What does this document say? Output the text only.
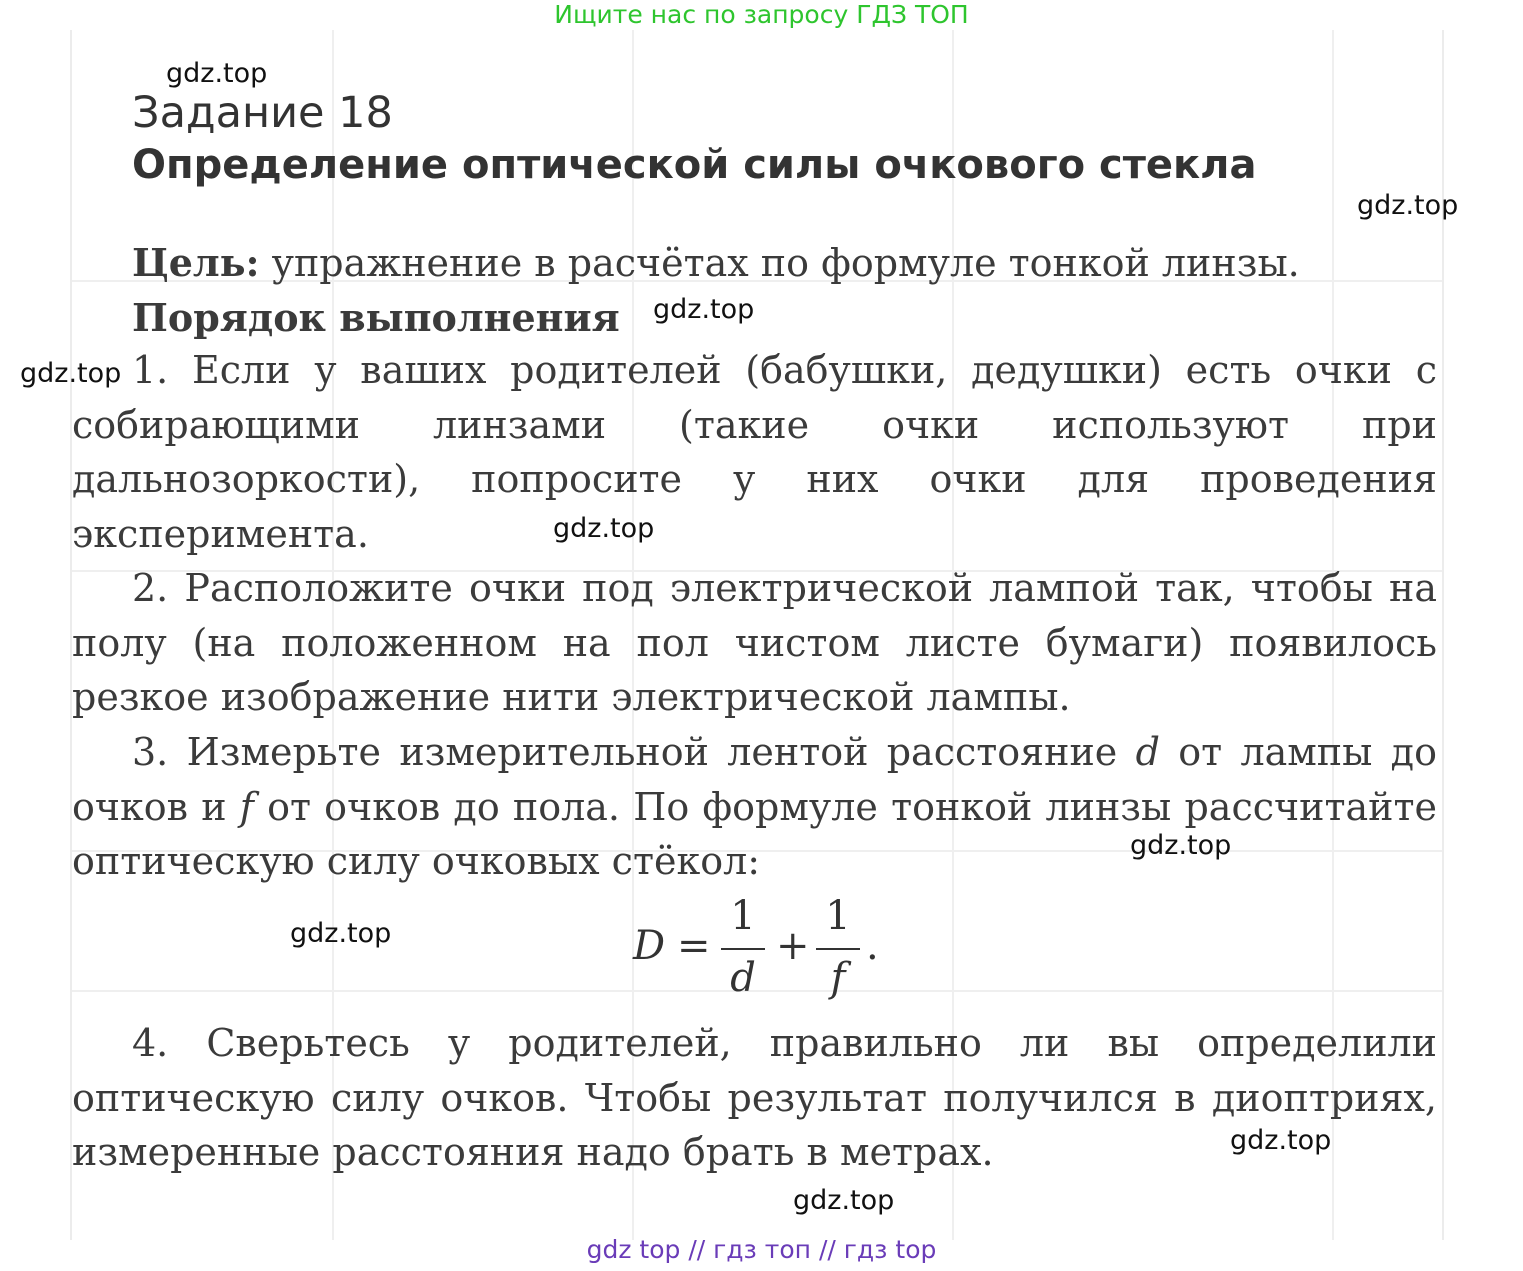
Ищите нас по запросу ГДЗ ТОП
Задание 18
Определение оптической силы очкового стекла
Цель: упражнение в расчётах по формуле тонкой линзы.
Порядок выполнения
1. Если у ваших родителей (бабушки, дедушки) есть очки с собирающими линзами (такие очки используют при дальнозоркости), попросите у них очки для проведения эксперимента.
2. Расположите очки под электрической лампой так, чтобы на полу (на положенном на пол чистом листе бумаги) появилось резкое изображение нити электрической лампы.
3. Измерьте измерительной лентой расстояние d от лампы до очков и f от очков до пола. По формуле тонкой линзы рассчитайте оптическую силу очковых стёкол:
D =
1
d
+
1
f
.
4. Сверьтесь у родителей, правильно ли вы определили оптическую силу очков. Чтобы результат получился в диоптриях, измеренные расстояния надо брать в метрах.
gdz.top
gdz.top
gdz.top
gdz.top
gdz.top
gdz.top
gdz.top
gdz.top
gdz.top
gdz top // гдз топ // гдз top
